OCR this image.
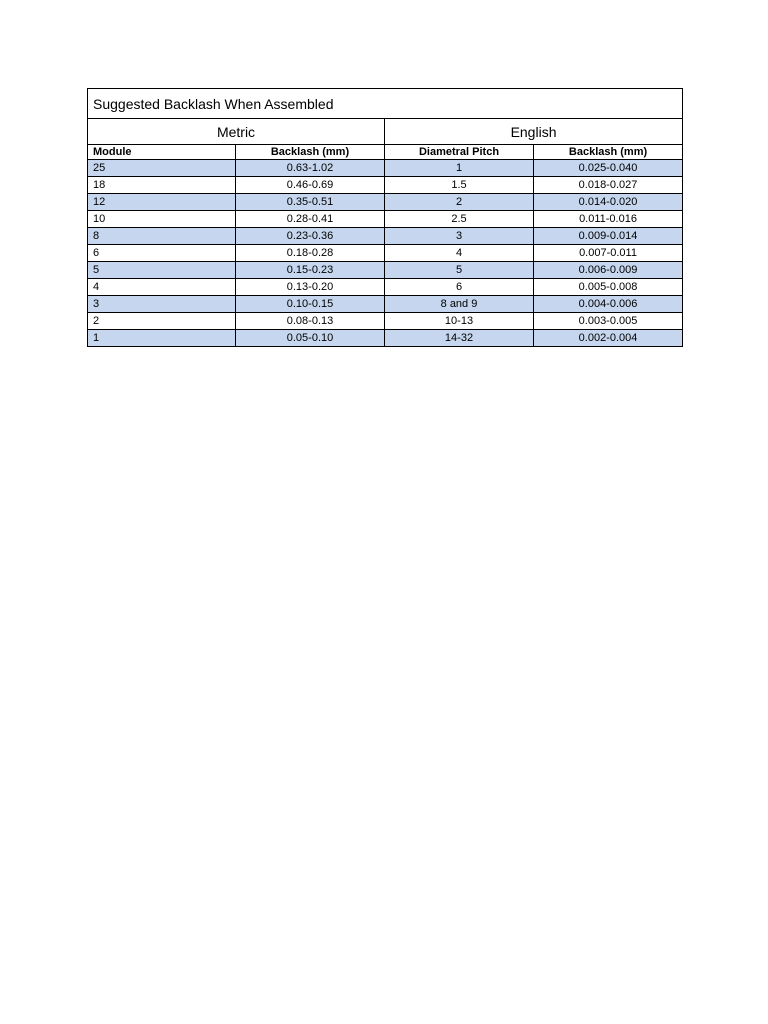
Suggested Backlash When Assembled			
Metric		English	
Module	Backlash (mm)	Diametral Pitch	Backlash (mm)
25	0.63-1.02	1	0.025-0.040
18	0.46-0.69	1.5	0.018-0.027
12	0.35-0.51	2	0.014-0.020
10	0.28-0.41	2.5	0.011-0.016
8	0.23-0.36	3	0.009-0.014
6	0.18-0.28	4	0.007-0.011
5	0.15-0.23	5	0.006-0.009
4	0.13-0.20	6	0.005-0.008
3	0.10-0.15	8 and 9	0.004-0.006
2	0.08-0.13	10-13	0.003-0.005
1	0.05-0.10	14-32	0.002-0.004
